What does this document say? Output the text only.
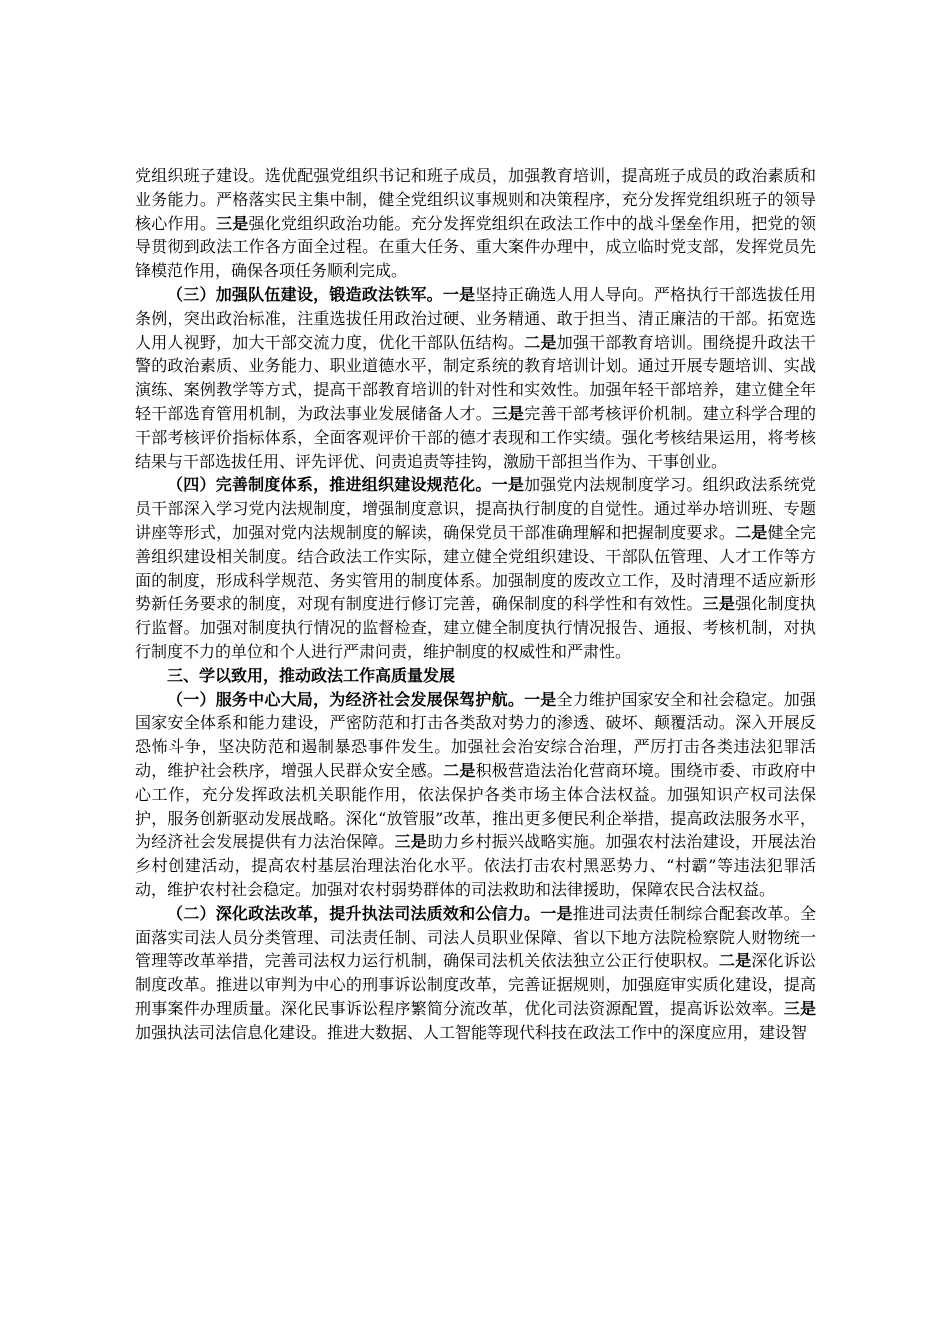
党组织班子建设。选优配强党组织书记和班子成员，加强教育培训，提高班子成员的政治素质和业务能力。严格落实民主集中制，健全党组织议事规则和决策程序，充分发挥党组织班子的领导核心作用。三是强化党组织政治功能。充分发挥党组织在政法工作中的战斗堡垒作用，把党的领导贯彻到政法工作各方面全过程。在重大任务、重大案件办理中，成立临时党支部，发挥党员先锋模范作用，确保各项任务顺利完成。

（三）加强队伍建设，锻造政法铁军。一是坚持正确选人用人导向。严格执行干部选拔任用条例，突出政治标准，注重选拔任用政治过硬、业务精通、敢于担当、清正廉洁的干部。拓宽选人用人视野，加大干部交流力度，优化干部队伍结构。二是加强干部教育培训。围绕提升政法干警的政治素质、业务能力、职业道德水平，制定系统的教育培训计划。通过开展专题培训、实战演练、案例教学等方式，提高干部教育培训的针对性和实效性。加强年轻干部培养，建立健全年轻干部选育管用机制，为政法事业发展储备人才。三是完善干部考核评价机制。建立科学合理的干部考核评价指标体系，全面客观评价干部的德才表现和工作实绩。强化考核结果运用，将考核结果与干部选拔任用、评先评优、问责追责等挂钩，激励干部担当作为、干事创业。

（四）完善制度体系，推进组织建设规范化。一是加强党内法规制度学习。组织政法系统党员干部深入学习党内法规制度，增强制度意识，提高执行制度的自觉性。通过举办培训班、专题讲座等形式，加强对党内法规制度的解读，确保党员干部准确理解和把握制度要求。二是健全完善组织建设相关制度。结合政法工作实际，建立健全党组织建设、干部队伍管理、人才工作等方面的制度，形成科学规范、务实管用的制度体系。加强制度的废改立工作，及时清理不适应新形势新任务要求的制度，对现有制度进行修订完善，确保制度的科学性和有效性。三是强化制度执行监督。加强对制度执行情况的监督检查，建立健全制度执行情况报告、通报、考核机制，对执行制度不力的单位和个人进行严肃问责，维护制度的权威性和严肃性。

三、学以致用，推动政法工作高质量发展

（一）服务中心大局，为经济社会发展保驾护航。一是全力维护国家安全和社会稳定。加强国家安全体系和能力建设，严密防范和打击各类敌对势力的渗透、破坏、颠覆活动。深入开展反恐怖斗争，坚决防范和遏制暴恐事件发生。加强社会治安综合治理，严厉打击各类违法犯罪活动，维护社会秩序，增强人民群众安全感。二是积极营造法治化营商环境。围绕市委、市政府中心工作，充分发挥政法机关职能作用，依法保护各类市场主体合法权益。加强知识产权司法保护，服务创新驱动发展战略。深化“放管服”改革，推出更多便民利企举措，提高政法服务水平，为经济社会发展提供有力法治保障。三是助力乡村振兴战略实施。加强农村法治建设，开展法治乡村创建活动，提高农村基层治理法治化水平。依法打击农村黑恶势力、“村霸”等违法犯罪活动，维护农村社会稳定。加强对农村弱势群体的司法救助和法律援助，保障农民合法权益。

（二）深化政法改革，提升执法司法质效和公信力。一是推进司法责任制综合配套改革。全面落实司法人员分类管理、司法责任制、司法人员职业保障、省以下地方法院检察院人财物统一管理等改革举措，完善司法权力运行机制，确保司法机关依法独立公正行使职权。二是深化诉讼制度改革。推进以审判为中心的刑事诉讼制度改革，完善证据规则，加强庭审实质化建设，提高刑事案件办理质量。深化民事诉讼程序繁简分流改革，优化司法资源配置，提高诉讼效率。三是加强执法司法信息化建设。推进大数据、人工智能等现代科技在政法工作中的深度应用，建设智
